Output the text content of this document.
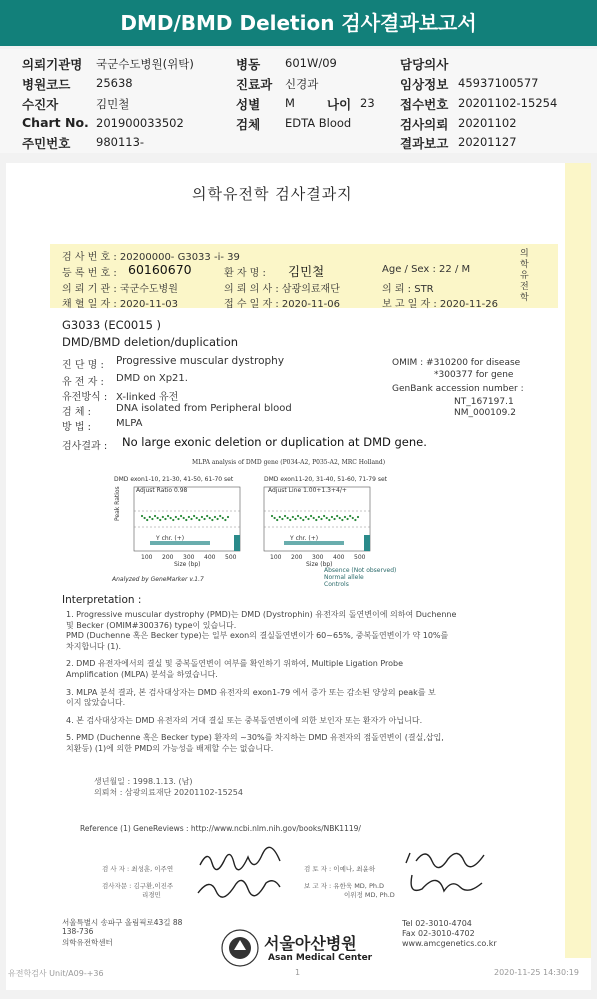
DMD/BMD Deletion 검사결과보고서
의뢰기관명 국군수도병원(위탁)	병동 601W/09	담당의사
병원코드 25638	진료과 신경과	임상정보 45937100577
수진자	김민철	성별 M	나이 23 접수번호 20201102-15254
Chart No. 201900033502	검체 EDTA Blood	검사의뢰 20201102
주민번호 980113-	결과보고 20201127
의학유전학 검사결과지
의학유전학
검 사 번 호 : 20200000- G3033 -i- 39
등 록 번 호 : 60160670	환 자 명 : 김민철	Age / Sex : 22 / M
의 뢰 기 관 : 국군수도병원	의 뢰 의 사 : 삼광의료재단	의 뢰 : STR
채 혈 일 자 : 2020-11-03	접 수 일 자 : 2020-11-06	보 고 일 자 : 2020-11-26
G3033 (EC0015 )
DMD/BMD deletion/duplication
진 단 명 : Progressive muscular dystrophy
유 전 자 : DMD on Xp21.
유전방식 : X-linked 유전
검 체 : DNA isolated from Peripheral blood
방 법 : MLPA
OMIM : #310200 for disease
*300377 for gene
GenBank accession number :
NT_167197.1
NM_000109.2
검사결과 : No large exonic deletion or duplication at DMD gene.
MLPA analysis of DMD gene (P034-A2, P035-A2, MRC Holland)
DMD exon1-10, 21-30, 41-50, 61-70 set	DMD exon11-20, 31-40, 51-60, 71-79 set
Adjust Ratio 0.98
Y chr. (+)
Peak Ratios
100 200 300 400 500
Size (bp)
Adjust Line 1.00+1.3+4/+
Y chr. (+)
100 200 300 400 500
Size (bp)
Absence (Not observed)
Normal allele
Controls
Analyzed by GeneMarker v.1.7
Interpretation :
1. Progressive muscular dystrophy (PMD)는 DMD (Dystrophin) 유전자의 돌연변이에 의하여 Duchenne
및 Becker (OMIM#300376) type이 있습니다.
PMD (Duchenne 혹은 Becker type)는 일부 exon의 결실돌연변이가 60~65%, 중복돌연변이가 약 10%를
차지합니다 (1).
2. DMD 유전자에서의 결실 및 중복돌연변이 여부를 확인하기 위하여, Multiple Ligation Probe
Amplification (MLPA) 분석을 하였습니다.
3. MLPA 분석 결과, 본 검사대상자는 DMD 유전자의 exon1-79 에서 증가 또는 감소된 양상의 peak를 보
이지 않았습니다.
4. 본 검사대상자는 DMD 유전자의 거대 결실 또는 중복돌연변이에 의한 보인자 또는 환자가 아닙니다.
5. PMD (Duchenne 혹은 Becker type) 환자의 ~30%를 차지하는 DMD 유전자의 점돌연변이 (결실,삽입,
치환등) (1)에 의한 PMD의 가능성을 배제할 수는 없습니다.
생년월일 : 1998.1.13. (남)
의뢰처 : 삼광의료재단 20201102-15254
Reference (1) GeneReviews : http://www.ncbi.nlm.nih.gov/books/NBK1119/
검 사 자 : 최성훈, 이주연
검사자문 : 김구환,이진주
리경민
검 토 자 : 이예나, 최윤하
보 고 자 : 유한욱 MD, Ph.D
이위정 MD, Ph.D
서울특별시 송파구 올림픽로43길 88
138-736
의학유전학센터	서울아산병원
Asan Medical Center
Tel 02-3010-4704
Fax 02-3010-4702
www.amcgenetics.co.kr
유전학검사 Unit/A09-+36	1	2020-11-25 14:30:19
